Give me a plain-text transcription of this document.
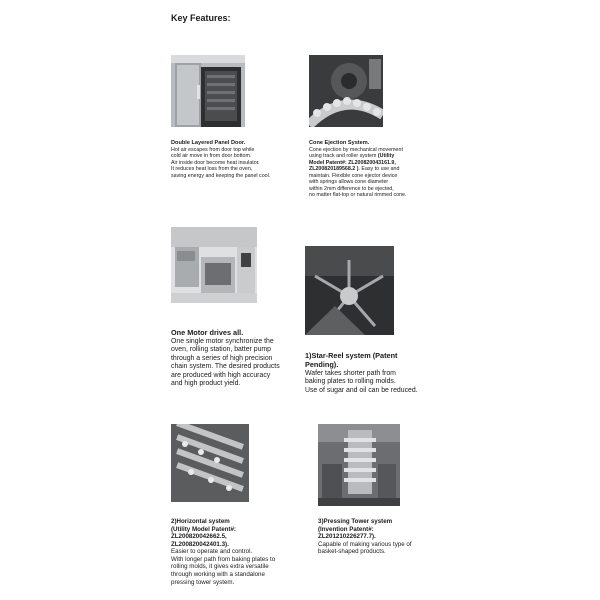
Key Features:
Double Layered Panel Door.
Hot air escapes from door top while
cold air move in from door bottom.
Air inside door become heat insulator.
It reduces heat loss from the oven,
saving energy and keeping the panel cool.
Cone Ejection System.
Cone ejection by mechanical movement
using track and roller system (Utility
Model Patent#: ZL200820043161.9,
ZL200820189568.2 ). Easy to use and
maintain. Flexible cone ejector device
with springs allows cone diameter
within 2mm difference to be ejected,
no matter flat-top or natural rimmed cone.
One Motor drives all.
One single motor synchronize the
oven, rolling station, batter pump
through a series of high precision
chain system. The desired products
are produced with high accuracy
and high product yield.
1)Star-Reel system (Patent
Pending).
Wafer takes shorter path from
baking plates to rolling molds.
Use of sugar and oil can be reduced.
2)Horizontal system
(Utility Model Patent#:
ZL200820042662.5,
ZL200820042401.3).
Easier to operate and control.
With longer path from baking plates to
rolling molds, it gives extra versatile
through working with a standalone
pressing tower system.
3)Pressing Tower system
(Invention Patent#:
ZL201210226277.7).
Capable of making various type of
basket-shaped products.
